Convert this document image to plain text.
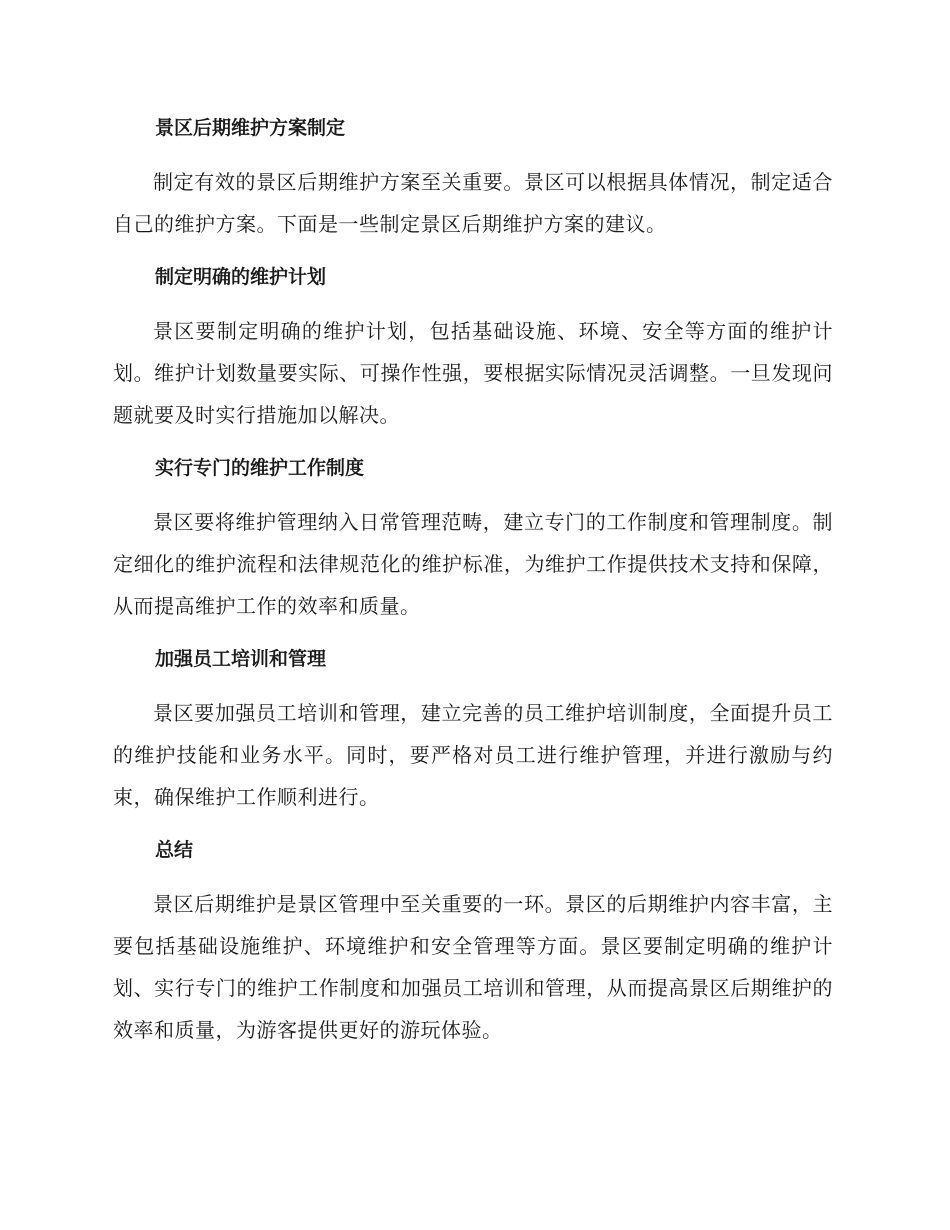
景区后期维护方案制定

制定有效的景区后期维护方案至关重要。景区可以根据具体情况，制定适合自己的维护方案。下面是一些制定景区后期维护方案的建议。

制定明确的维护计划

景区要制定明确的维护计划，包括基础设施、环境、安全等方面的维护计划。维护计划数量要实际、可操作性强，要根据实际情况灵活调整。一旦发现问题就要及时实行措施加以解决。

实行专门的维护工作制度

景区要将维护管理纳入日常管理范畴，建立专门的工作制度和管理制度。制定细化的维护流程和法律规范化的维护标准，为维护工作提供技术支持和保障，从而提高维护工作的效率和质量。

加强员工培训和管理

景区要加强员工培训和管理，建立完善的员工维护培训制度，全面提升员工的维护技能和业务水平。同时，要严格对员工进行维护管理，并进行激励与约束，确保维护工作顺利进行。

总结

景区后期维护是景区管理中至关重要的一环。景区的后期维护内容丰富，主要包括基础设施维护、环境维护和安全管理等方面。景区要制定明确的维护计划、实行专门的维护工作制度和加强员工培训和管理，从而提高景区后期维护的效率和质量，为游客提供更好的游玩体验。
